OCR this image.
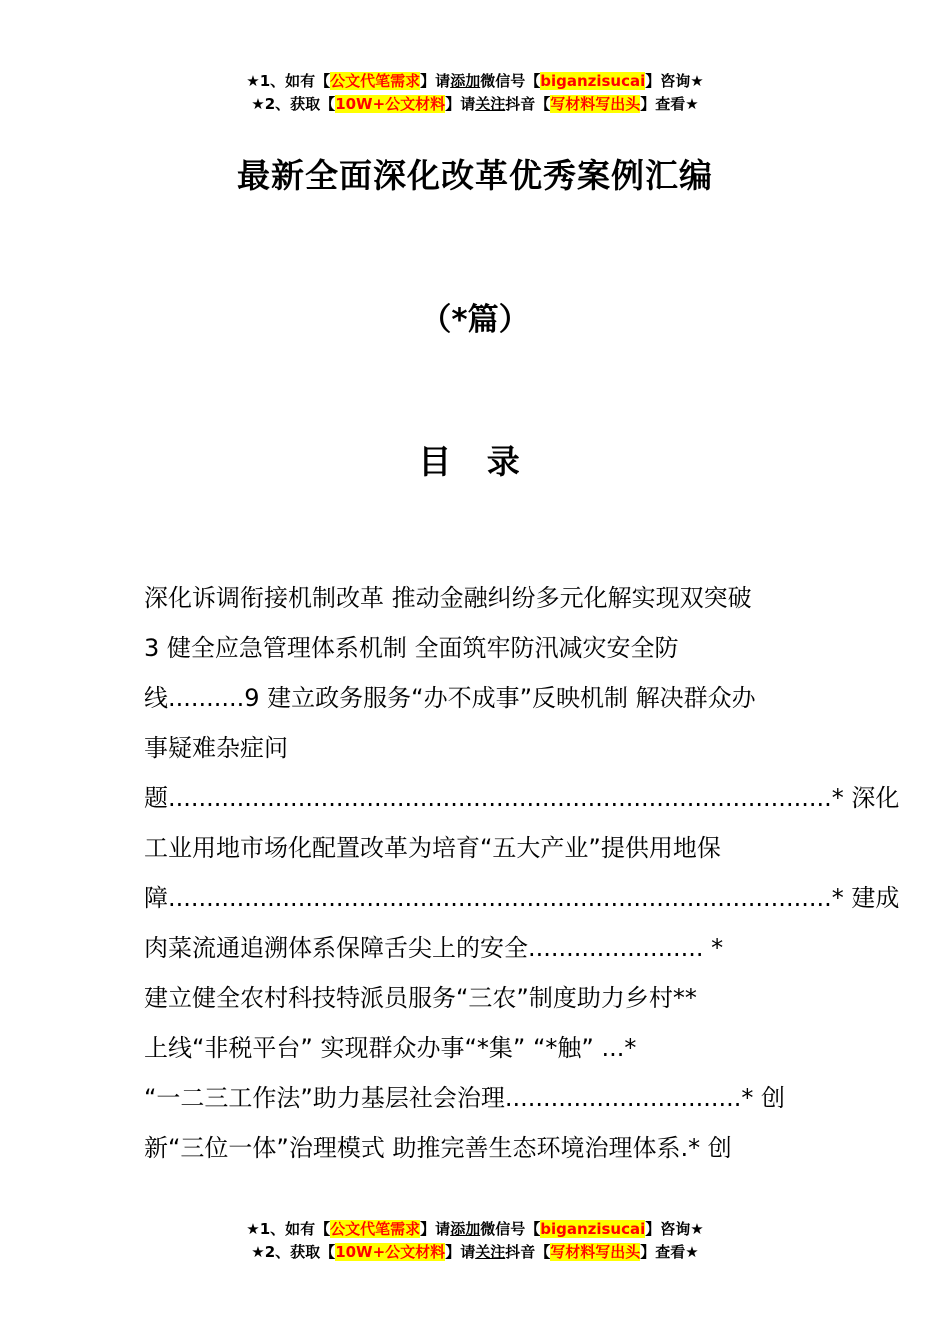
★1、如有【公文代笔需求】请添加微信号【biganzisucai】咨询★
★2、获取【10W+公文材料】请关注抖音【写材料写出头】查看★
最新全面深化改革优秀案例汇编
（*篇）
目 录
深化诉调衔接机制改革 推动金融纠纷多元化解实现双突破
3 健全应急管理体系机制 全面筑牢防汛减灾安全防
线..........9 建立政务服务“办不成事”反映机制 解决群众办
事疑难杂症问
题.......................................................................................* 深化
工业用地市场化配置改革为培育“五大产业”提供用地保
障.......................................................................................* 建成
肉菜流通追溯体系保障舌尖上的安全....................... *
建立健全农村科技特派员服务“三农”制度助力乡村**
上线“非税平台” 实现群众办事“*集” “*触” ...*
“一二三工作法”助力基层社会治理...............................* 创
新“三位一体”治理模式 助推完善生态环境治理体系.* 创
★1、如有【公文代笔需求】请添加微信号【biganzisucai】咨询★
★2、获取【10W+公文材料】请关注抖音【写材料写出头】查看★
